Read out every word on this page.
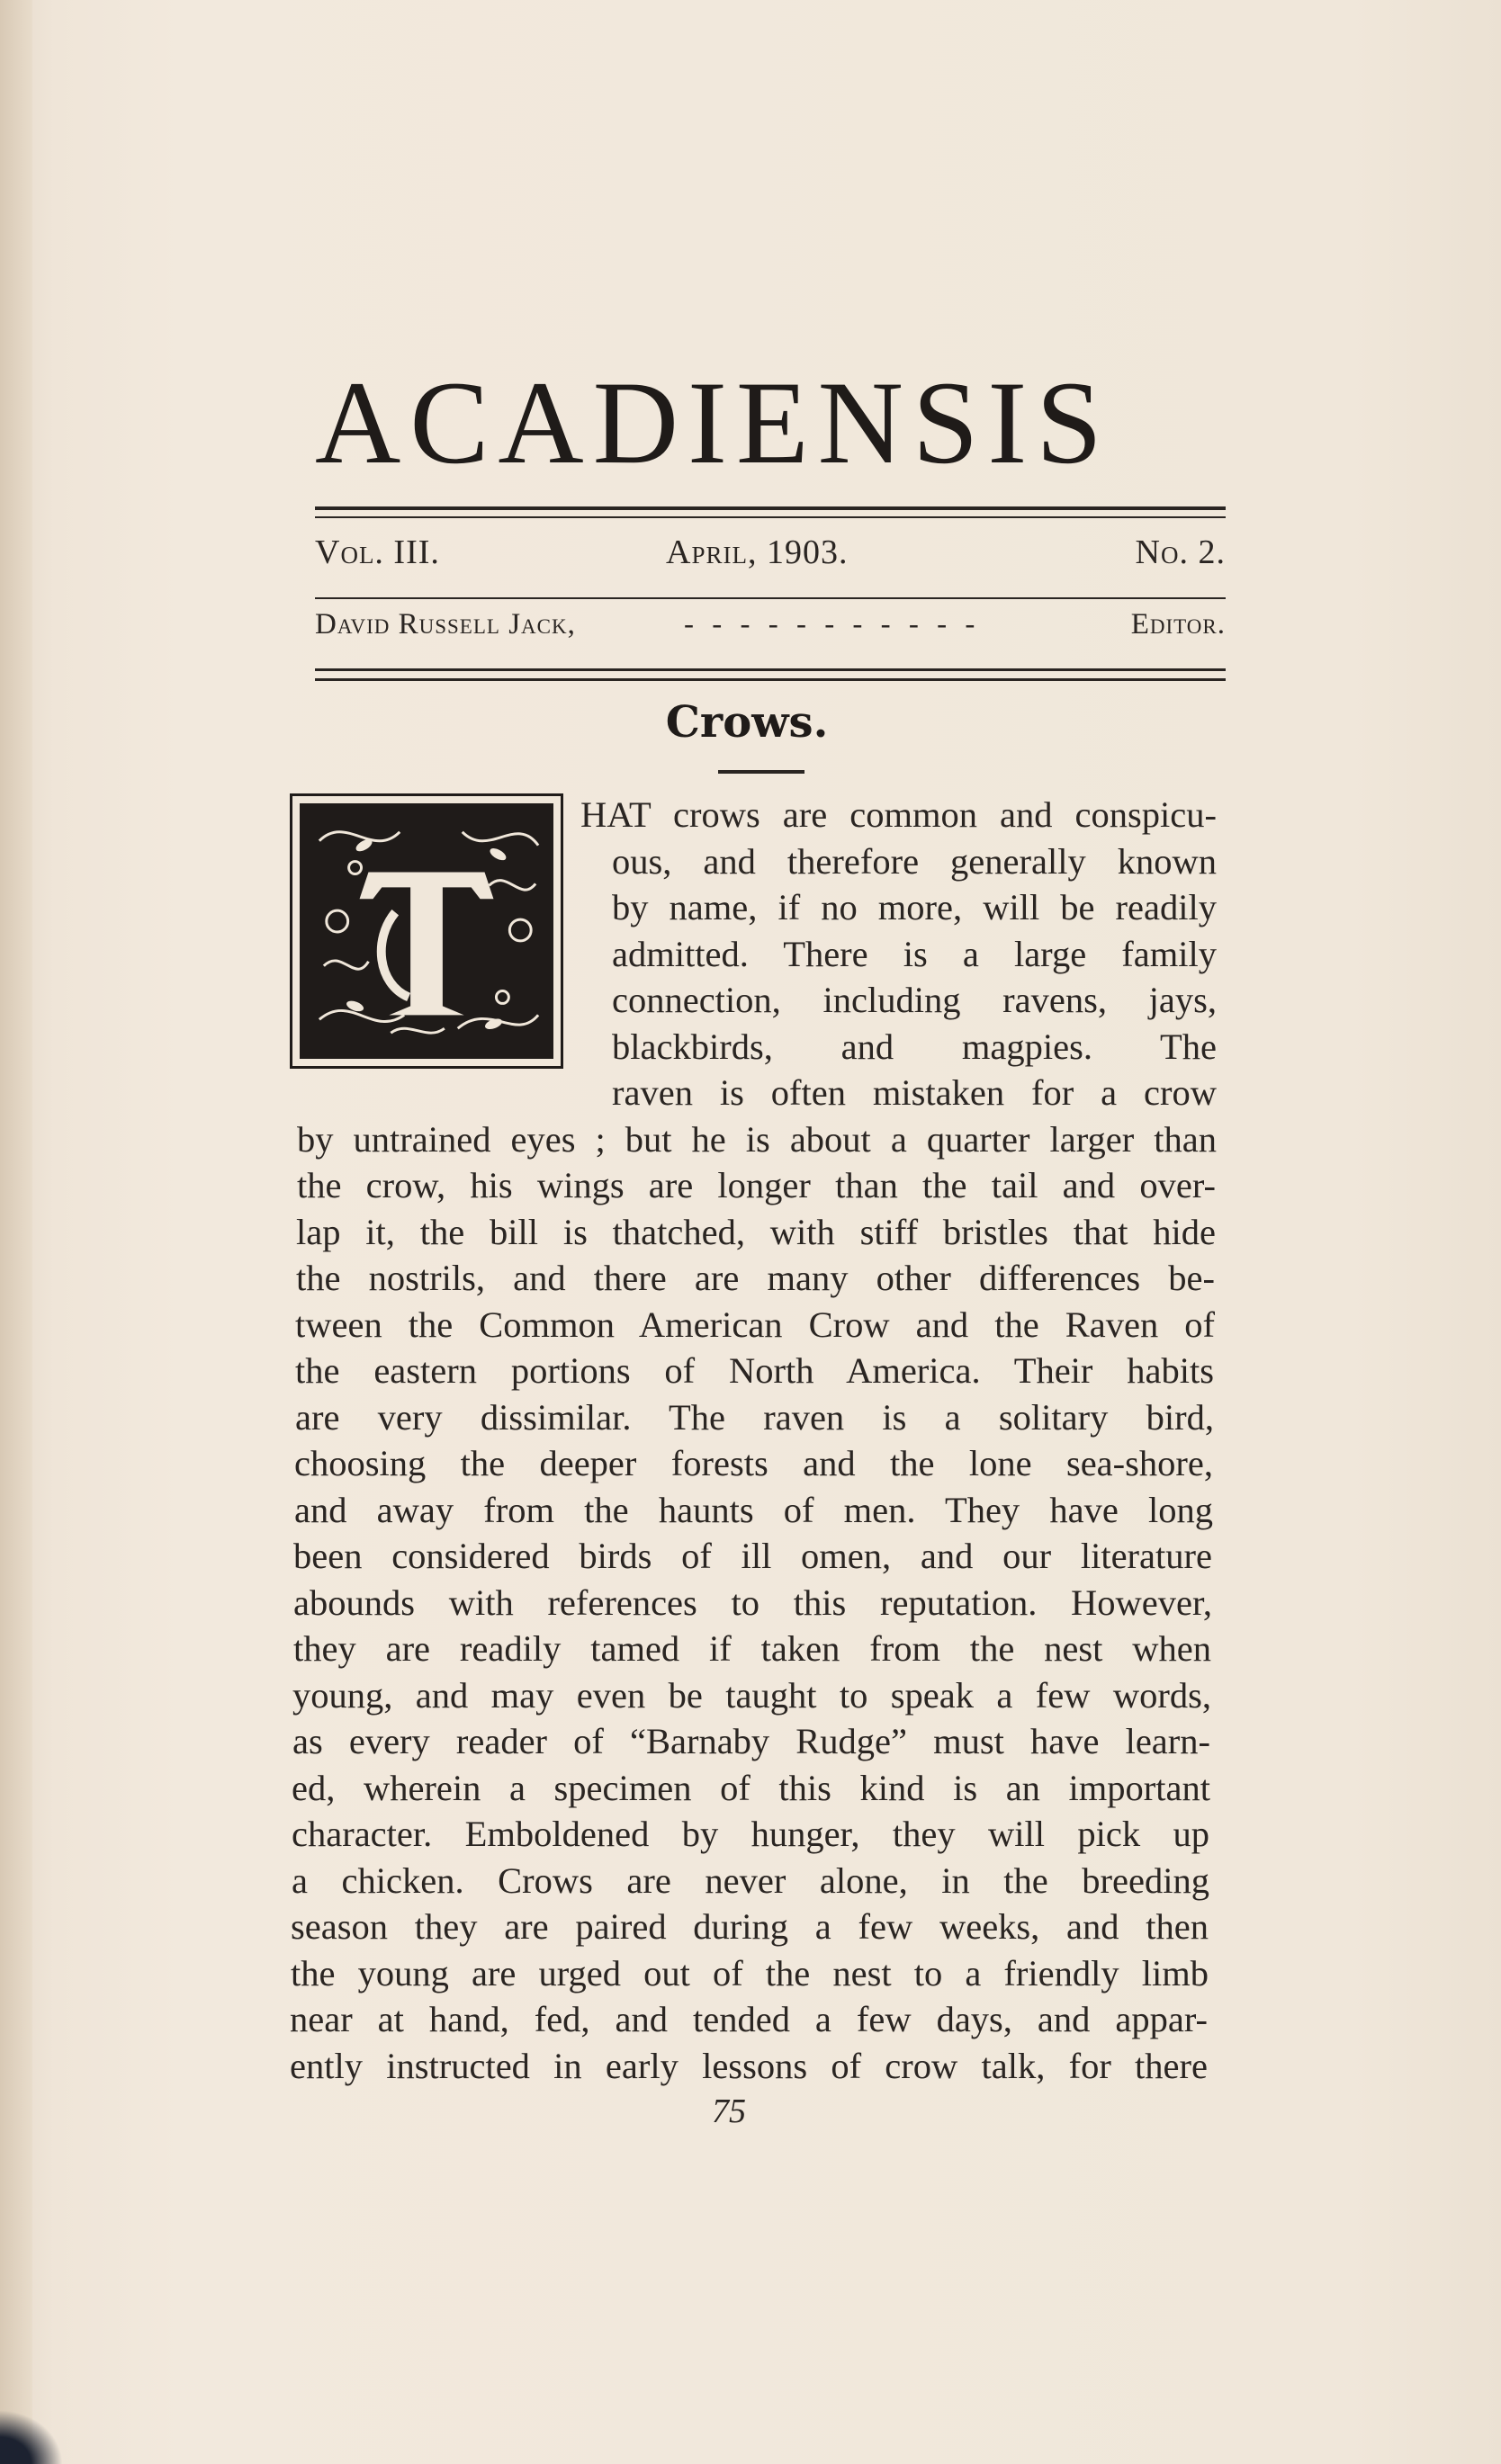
ACADIENSIS
Vol. III.	April, 1903.	No. 2.
David Russell Jack,	- - - - - - - - - - -	Editor.
Crows.
HAT crows are common and conspicu-
ous, and therefore generally known
by name, if no more, will be readily
admitted. There is a large family
connection, including ravens, jays,
blackbirds, and magpies. The
raven is often mistaken for a crow
by untrained eyes ; but he is about a quarter larger than
the crow, his wings are longer than the tail and over-
lap it, the bill is thatched, with stiff bristles that hide
the nostrils, and there are many other differences be-
tween the Common American Crow and the Raven of
the eastern portions of North America. Their habits
are very dissimilar. The raven is a solitary bird,
choosing the deeper forests and the lone sea-shore,
and away from the haunts of men. They have long
been considered birds of ill omen, and our literature
abounds with references to this reputation. However,
they are readily tamed if taken from the nest when
young, and may even be taught to speak a few words,
as every reader of “Barnaby Rudge” must have learn-
ed, wherein a specimen of this kind is an important
character. Emboldened by hunger, they will pick up
a chicken. Crows are never alone, in the breeding
season they are paired during a few weeks, and then
the young are urged out of the nest to a friendly limb
near at hand, fed, and tended a few days, and appar-
ently instructed in early lessons of crow talk, for there
75
